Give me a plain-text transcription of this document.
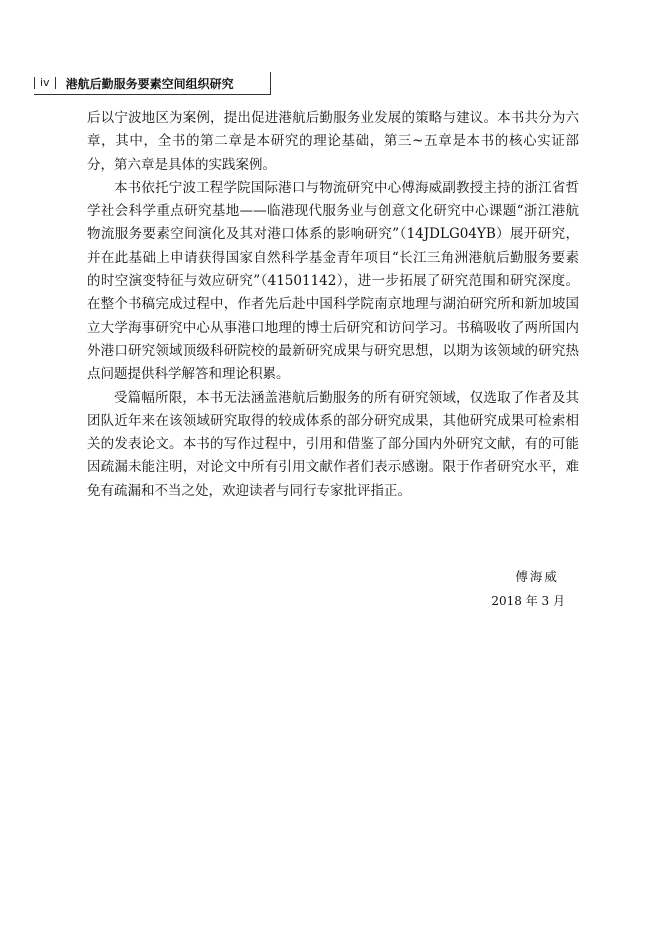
iv	港航后勤服务要素空间组织研究

后以宁波地区为案例，提出促进港航后勤服务业发展的策略与建议。本书共分为六章，其中，全书的第二章是本研究的理论基础，第三~五章是本书的核心实证部分，第六章是具体的实践案例。

本书依托宁波工程学院国际港口与物流研究中心傅海威副教授主持的浙江省哲学社会科学重点研究基地——临港现代服务业与创意文化研究中心课题“浙江港航物流服务要素空间演化及其对港口体系的影响研究”（14JDLG04YB）展开研究，并在此基础上申请获得国家自然科学基金青年项目“长江三角洲港航后勤服务要素的时空演变特征与效应研究”（41501142），进一步拓展了研究范围和研究深度。在整个书稿完成过程中，作者先后赴中国科学院南京地理与湖泊研究所和新加坡国立大学海事研究中心从事港口地理的博士后研究和访问学习。书稿吸收了两所国内外港口研究领域顶级科研院校的最新研究成果与研究思想，以期为该领域的研究热点问题提供科学解答和理论积累。

受篇幅所限，本书无法涵盖港航后勤服务的所有研究领域，仅选取了作者及其团队近年来在该领域研究取得的较成体系的部分研究成果，其他研究成果可检索相关的发表论文。本书的写作过程中，引用和借鉴了部分国内外研究文献，有的可能因疏漏未能注明，对论文中所有引用文献作者们表示感谢。限于作者研究水平，难免有疏漏和不当之处，欢迎读者与同行专家批评指正。

傅海威
2018 年 3 月
